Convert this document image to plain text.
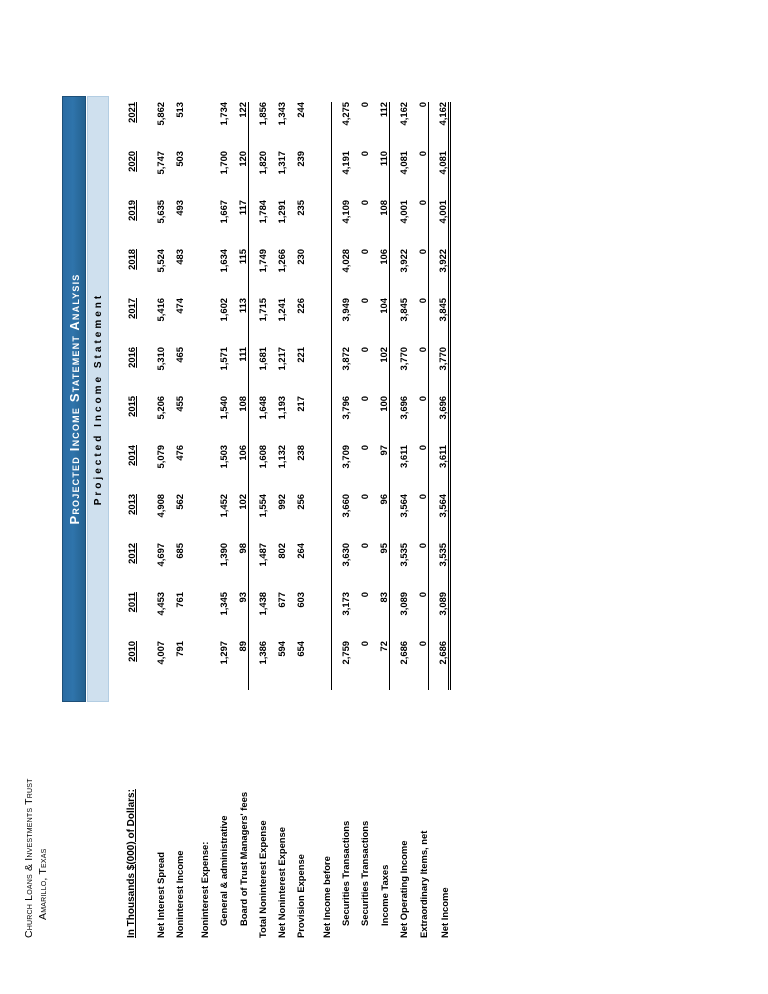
Church Loans & Investments Trust Amarillo, Texas
Projected Income Statement Analysis Projected Income Statement
In Thousands $(000) of Dollars:	2010	2011	2012	2013	2014	2015	2016	2017	2018	2019	2020	2021

Net Interest Spread	4,007	4,453	4,697	4,908	5,079	5,206	5,310	5,416	5,524	5,635	5,747	5,862
Noninterest Income	791	761	685	562	476	455	465	474	483	493	503	513

Noninterest Expense:												
General & administrative	1,297	1,345	1,390	1,452	1,503	1,540	1,571	1,602	1,634	1,667	1,700	1,734
Board of Trust Managers' fees	89	93	98	102	106	108	111	113	115	117	120	122
Total Noninterest Expense	1,386	1,438	1,487	1,554	1,608	1,648	1,681	1,715	1,749	1,784	1,820	1,856
Net Noninterest Expense	594	677	802	992	1,132	1,193	1,217	1,241	1,266	1,291	1,317	1,343
Provision Expense	654	603	264	256	238	217	221	226	230	235	239	244

Net Income before												
Securities Transactions	2,759	3,173	3,630	3,660	3,709	3,796	3,872	3,949	4,028	4,109	4,191	4,275
Securities Transactions	0	0	0	0	0	0	0	0	0	0	0	0
Income Taxes	72	83	95	96	97	100	102	104	106	108	110	112
Net Operating Income	2,686	3,089	3,535	3,564	3,611	3,696	3,770	3,845	3,922	4,001	4,081	4,162
Extraordinary Items, net	0	0	0	0	0	0	0	0	0	0	0	0
Net Income	2,686	3,089	3,535	3,564	3,611	3,696	3,770	3,845	3,922	4,001	4,081	4,162
